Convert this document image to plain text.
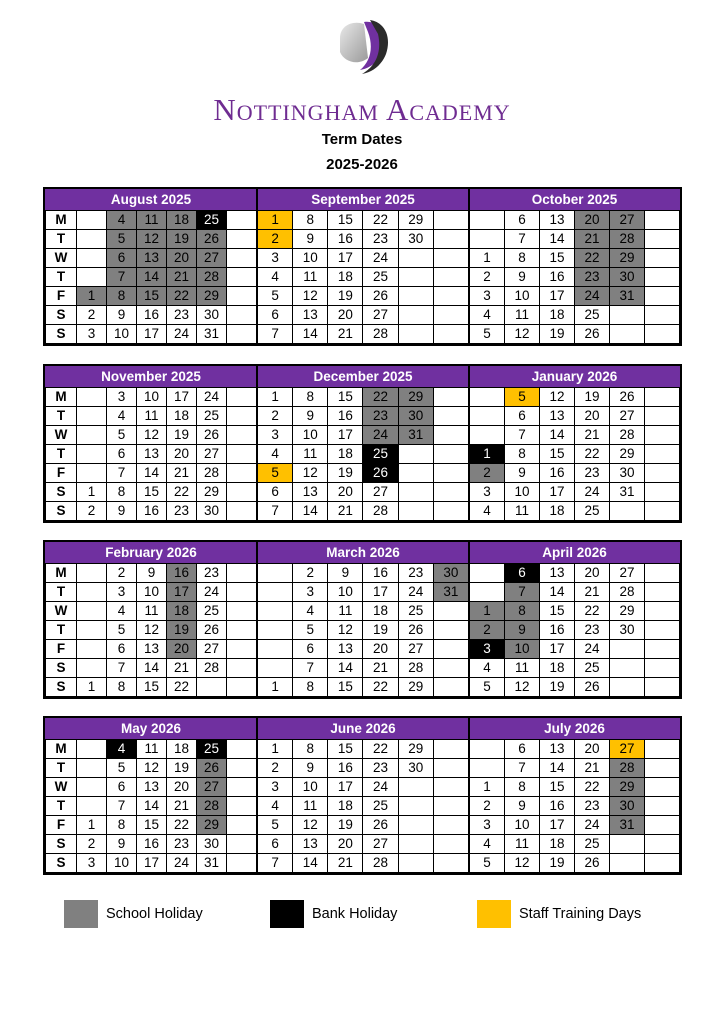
Nottingham Academy
Term Dates
2025-2026
August 2025
M		4	11	18	25	
T		5	12	19	26	
W		6	13	20	27	
T		7	14	21	28	
F	1	8	15	22	29	
S	2	9	16	23	30	
S	3	10	17	24	31	
September 2025
1	8	15	22	29	
2	9	16	23	30	
3	10	17	24		
4	11	18	25		
5	12	19	26		
6	13	20	27		
7	14	21	28		
October 2025
	6	13	20	27	
	7	14	21	28	
1	8	15	22	29	
2	9	16	23	30	
3	10	17	24	31	
4	11	18	25		
5	12	19	26		
November 2025
M		3	10	17	24	
T		4	11	18	25	
W		5	12	19	26	
T		6	13	20	27	
F		7	14	21	28	
S	1	8	15	22	29	
S	2	9	16	23	30	
December 2025
1	8	15	22	29	
2	9	16	23	30	
3	10	17	24	31	
4	11	18	25		
5	12	19	26		
6	13	20	27		
7	14	21	28		
January 2026
	5	12	19	26	
	6	13	20	27	
	7	14	21	28	
1	8	15	22	29	
2	9	16	23	30	
3	10	17	24	31	
4	11	18	25		
February 2026
M		2	9	16	23	
T		3	10	17	24	
W		4	11	18	25	
T		5	12	19	26	
F		6	13	20	27	
S		7	14	21	28	
S	1	8	15	22		
March 2026
	2	9	16	23	30
	3	10	17	24	31
	4	11	18	25	
	5	12	19	26	
	6	13	20	27	
	7	14	21	28	
1	8	15	22	29	
April 2026
	6	13	20	27	
	7	14	21	28	
1	8	15	22	29	
2	9	16	23	30	
3	10	17	24		
4	11	18	25		
5	12	19	26		
May 2026
M		4	11	18	25	
T		5	12	19	26	
W		6	13	20	27	
T		7	14	21	28	
F	1	8	15	22	29	
S	2	9	16	23	30	
S	3	10	17	24	31	
June 2026
1	8	15	22	29	
2	9	16	23	30	
3	10	17	24		
4	11	18	25		
5	12	19	26		
6	13	20	27		
7	14	21	28		
July 2026
	6	13	20	27	
	7	14	21	28	
1	8	15	22	29	
2	9	16	23	30	
3	10	17	24	31	
4	11	18	25		
5	12	19	26		
School Holiday	Bank Holiday	Staff Training Days
